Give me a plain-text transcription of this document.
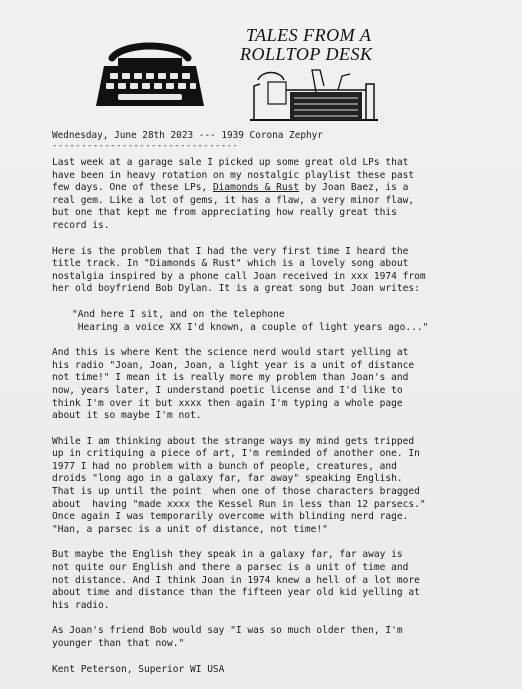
TALES FROM A
ROLLTOP DESK
Wednesday, June 28th 2023 --- 1939 Corona Zephyr
--------------------------------

Last week at a garage sale I picked up some great old LPs that
have been in heavy rotation on my nostalgic playlist these past
few days. One of these LPs, Diamonds & Rust by Joan Baez, is a
real gem. Like a lot of gems, it has a flaw, a very minor flaw,
but one that kept me from appreciating how really great this
record is.

Here is the problem that I had the very first time I heard the
title track. In "Diamonds & Rust" which is a lovely song about
nostalgia inspired by a phone call Joan received in xxx 1974 from
her old boyfriend Bob Dylan. It is a great song but Joan writes:

"And here I sit, and on the telephone
Hearing a voice XX I'd known, a couple of light years ago..."

And this is where Kent the science nerd would start yelling at
his radio "Joan, Joan, Joan, a light year is a unit of distance
not time!" I mean it is really more my problem than Joan's and
now, years later, I understand poetic license and I'd like to
think I'm over it but xxxx then again I'm typing a whole page
about it so maybe I'm not.

While I am thinking about the strange ways my mind gets tripped
up in critiquing a piece of art, I'm reminded of another one. In
1977 I had no problem with a bunch of people, creatures, and
droids "long ago in a galaxy far, far away" speaking English.
That is up until the point  when one of those characters bragged
about  having "made xxxx the Kessel Run in less than 12 parsecs."
Once again I was temporarily overcome with blinding nerd rage.
"Han, a parsec is a unit of distance, not time!"

But maybe the English they speak in a galaxy far, far away is
not quite our English and there a parsec is a unit of time and
not distance. And I think Joan in 1974 knew a hell of a lot more
about time and distance than the fifteen year old kid yelling at
his radio.

As Joan's friend Bob would say "I was so much older then, I'm
younger than that now."

Kent Peterson, Superior WI USA
